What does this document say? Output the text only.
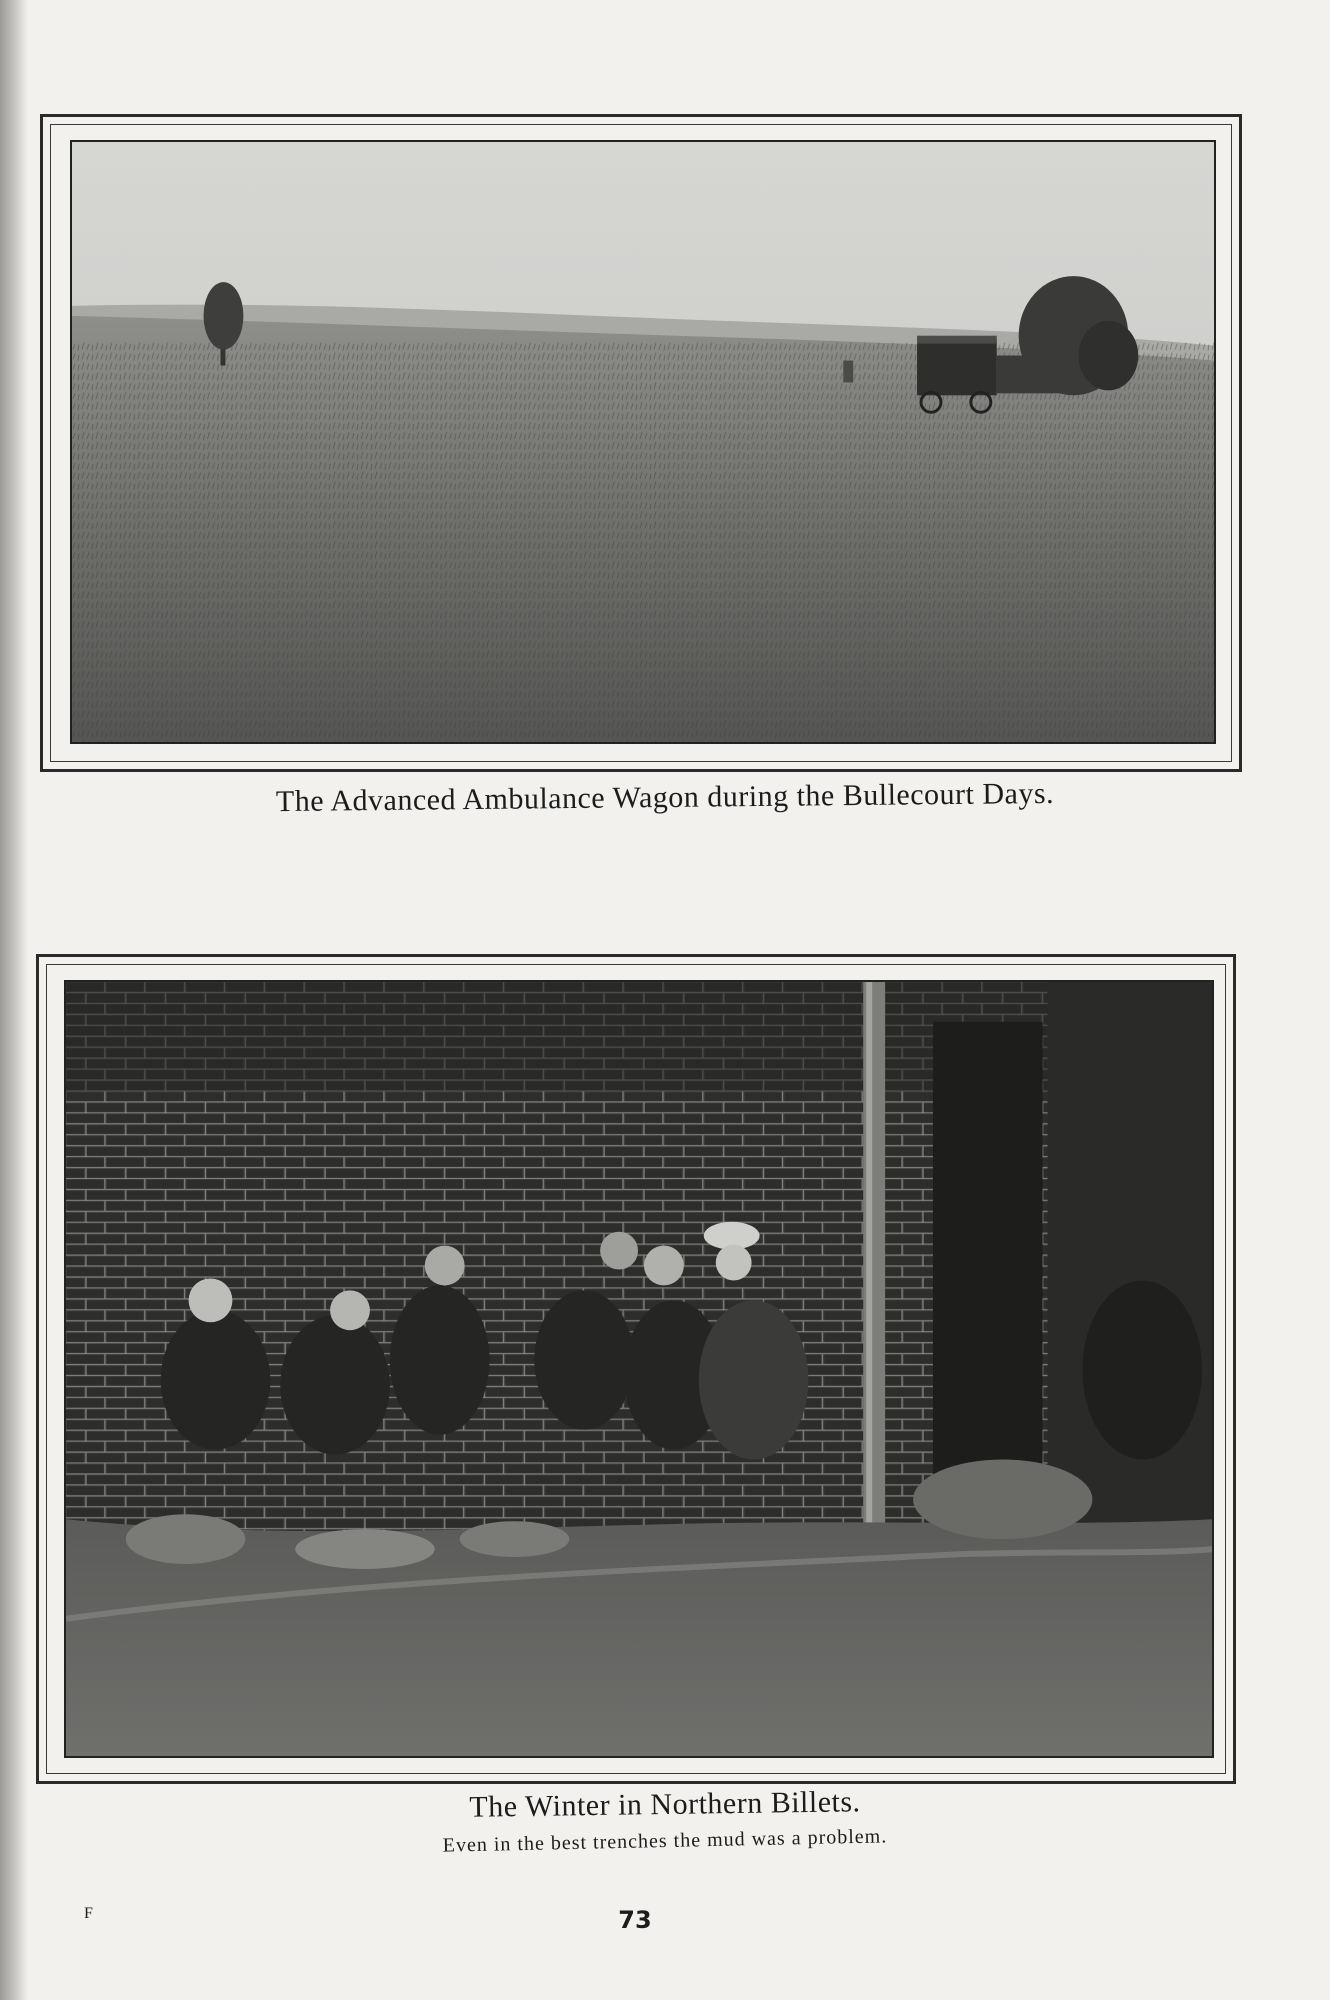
The Advanced Ambulance Wagon during the Bullecourt Days.

The Winter in Northern Billets.

Even in the best trenches the mud was a problem.

73
F
